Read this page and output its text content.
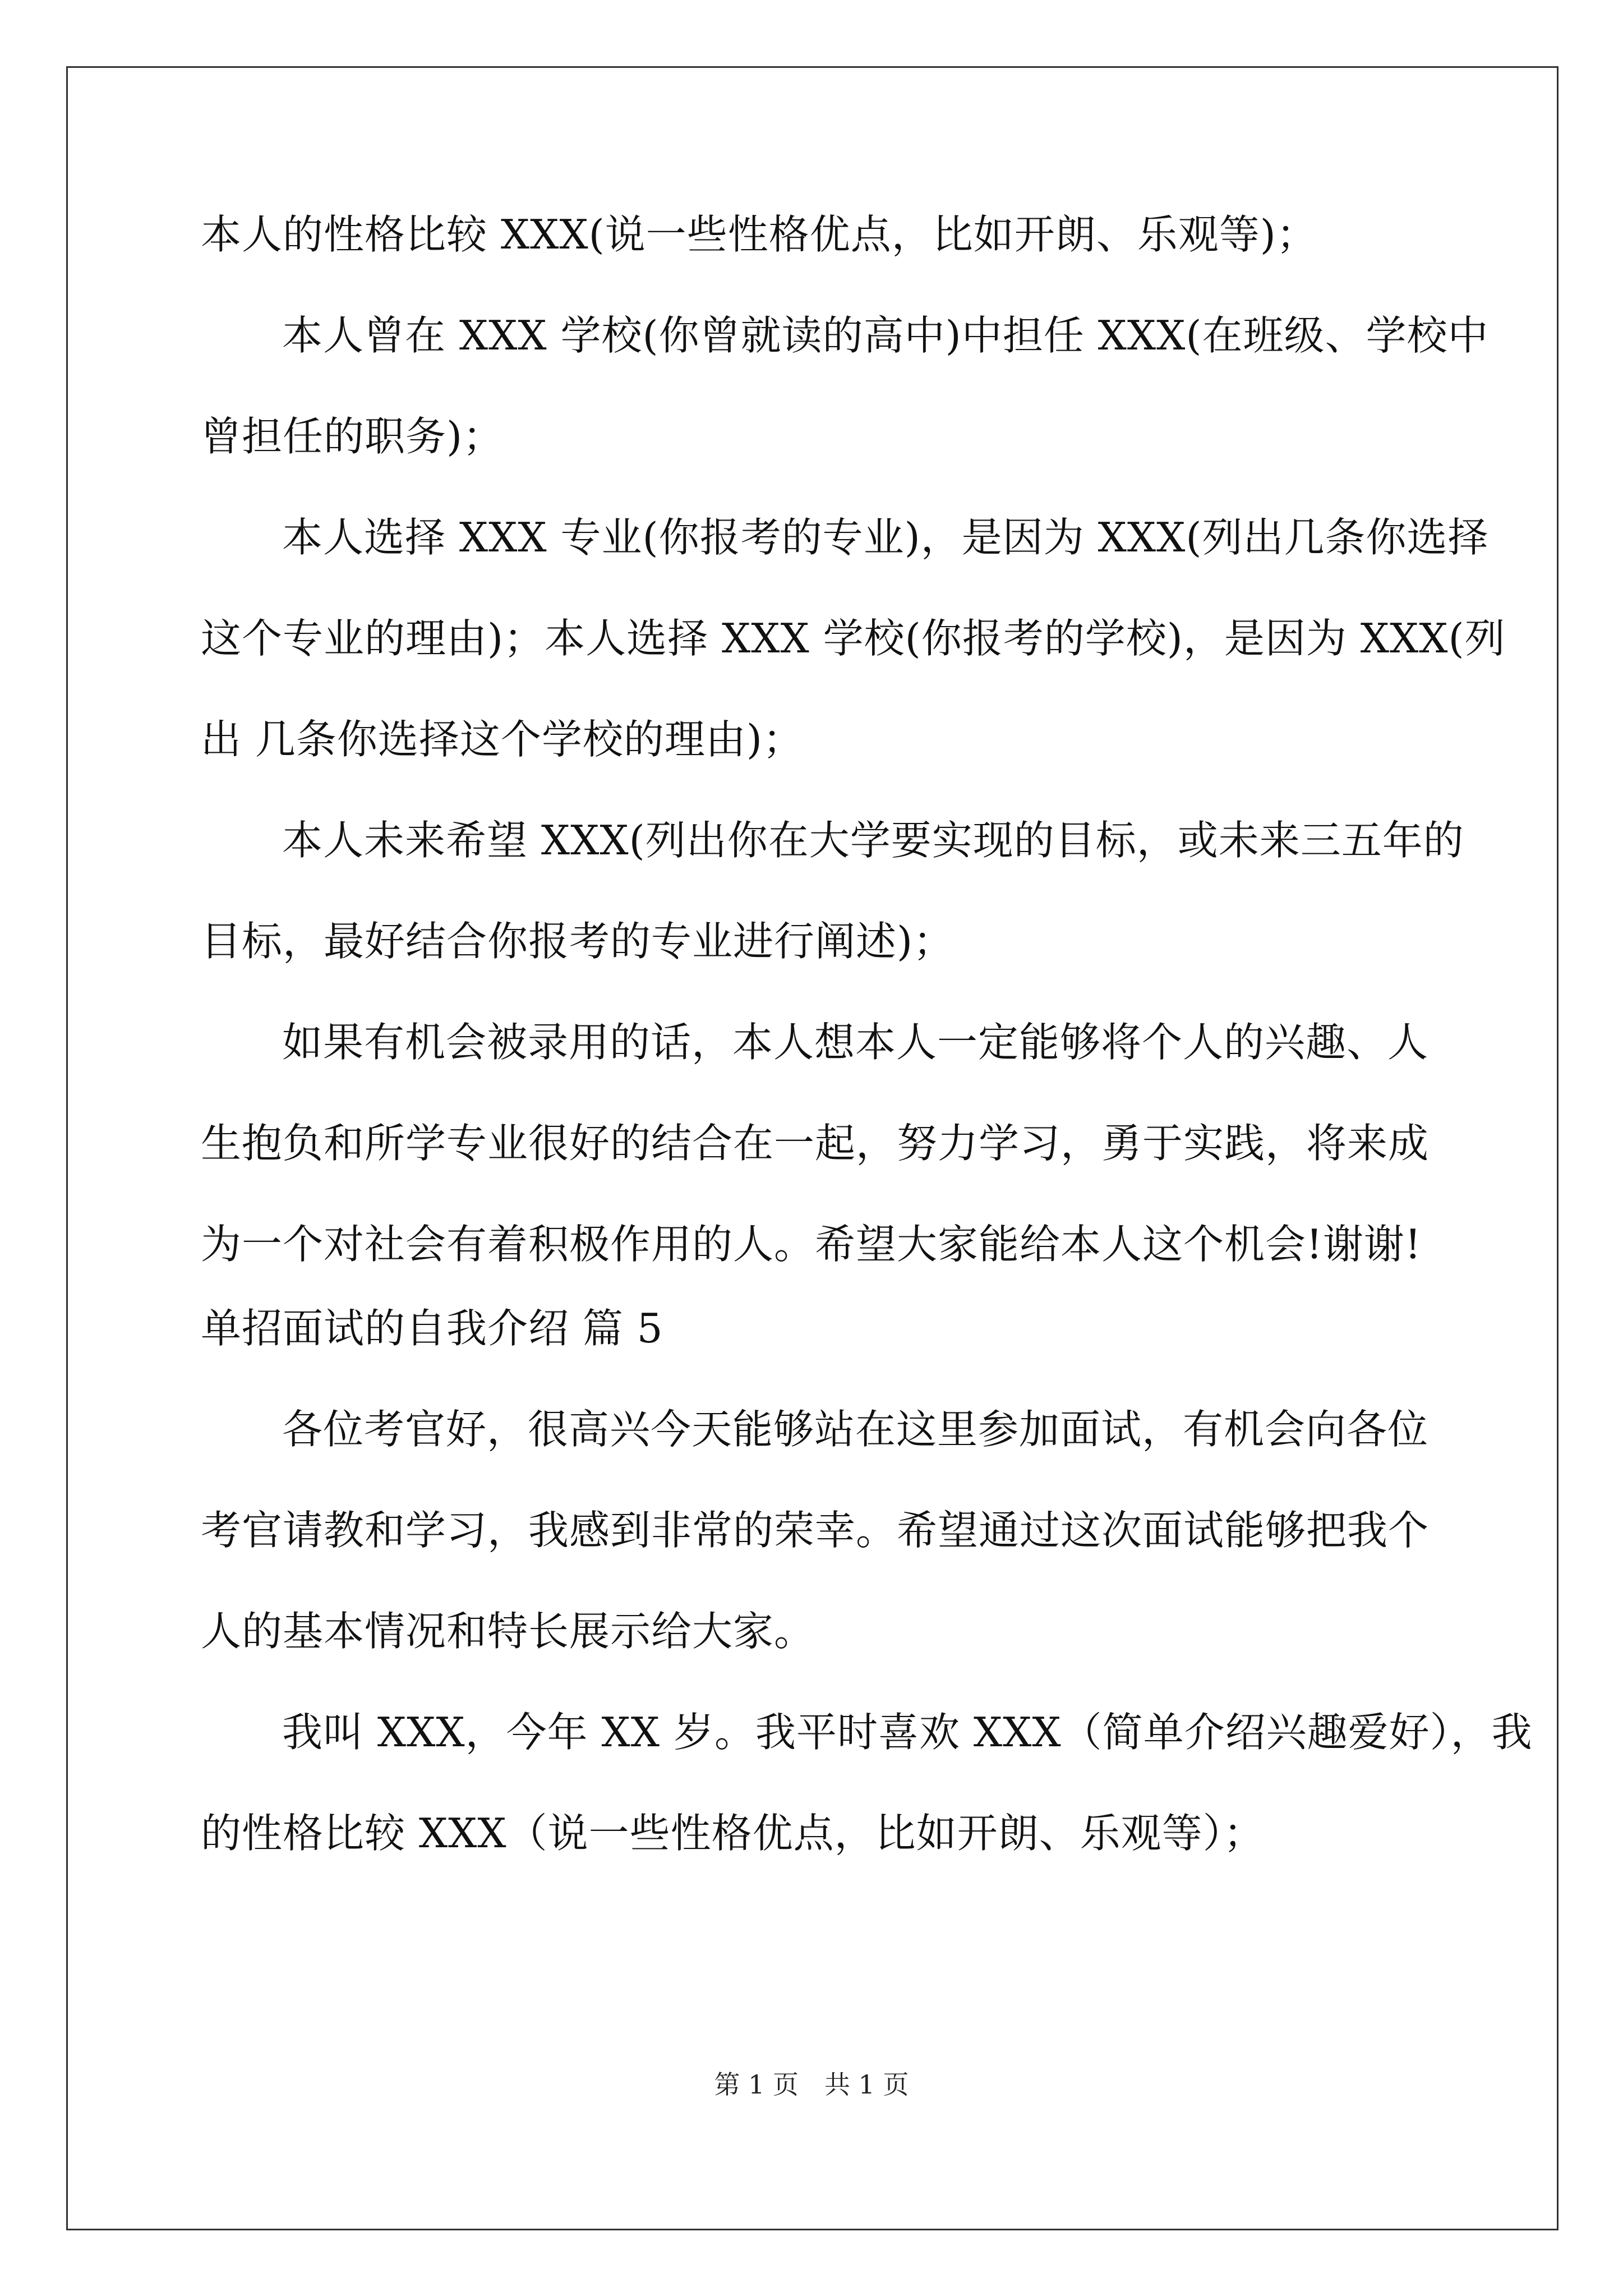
本人的性格比较 XXX(说一些性格优点，比如开朗、乐观等)；
本人曾在 XXX 学校(你曾就读的高中)中担任 XXX(在班级、学校中
曾担任的职务)；
本人选择 XXX 专业(你报考的专业)，是因为 XXX(列出几条你选择
这个专业的理由)；本人选择 XXX 学校(你报考的学校)，是因为 XXX(列
出 几条你选择这个学校的理由)；
本人未来希望 XXX(列出你在大学要实现的目标，或未来三五年的
目标，最好结合你报考的专业进行阐述)；
如果有机会被录用的话，本人想本人一定能够将个人的兴趣、人
生抱负和所学专业很好的结合在一起，努力学习，勇于实践，将来成
为一个对社会有着积极作用的人。希望大家能给本人这个机会!谢谢!
单招面试的自我介绍 篇 5
各位考官好，很高兴今天能够站在这里参加面试，有机会向各位
考官请教和学习，我感到非常的荣幸。希望通过这次面试能够把我个
人的基本情况和特长展示给大家。
我叫 XXX，今年 XX 岁。我平时喜欢 XXX（简单介绍兴趣爱好），我
的性格比较 XXX（说一些性格优点，比如开朗、乐观等）；
第 1 页　共 1 页
